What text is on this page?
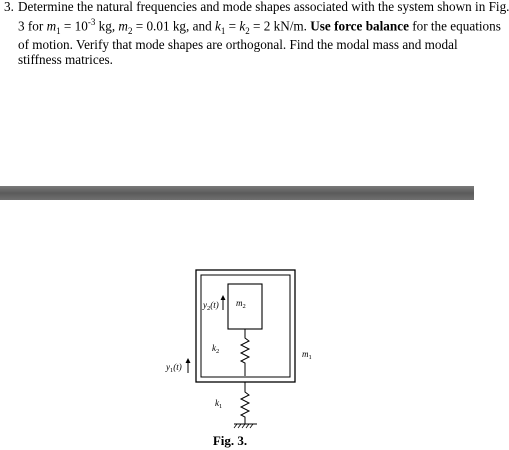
3. Determine the natural frequencies and mode shapes associated with the system shown in Fig.
3 for $m_1 = 10^{-3}$ kg, $m_2 = 0.01$ kg, and $k_1 = k_2 = 2$ kN/m. Use force balance for the equations
of motion. Verify that mode shapes are orthogonal. Find the modal mass and modal
stiffness matrices.
$y_2(t)$ $m_2$
$k_2$	$m_1$
$y_1(t)$
$k_1$
Fig. 3.
